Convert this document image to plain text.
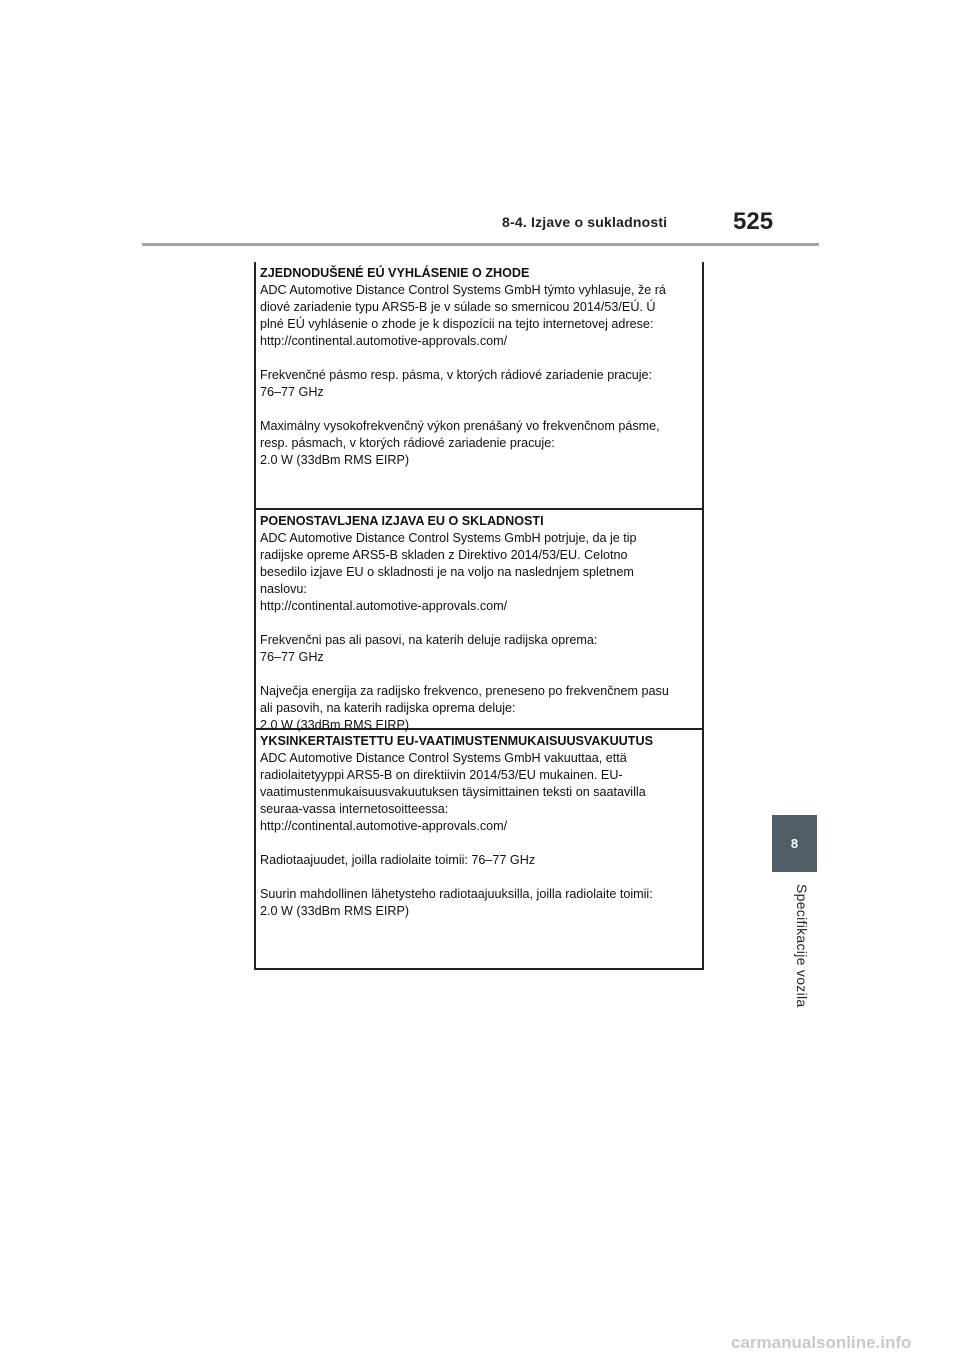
8-4. Izjave o sukladnosti	525

ZJEDNODUŠENÉ EÚ VYHLÁSENIE O ZHODE

ADC Automotive Distance Control Systems GmbH týmto vyhlasuje, že rá

diové zariadenie typu ARS5-B je v súlade so smernicou 2014/53/EÚ. Ú

plné EÚ vyhlásenie o zhode je k dispozícii na tejto internetovej adrese:

http://continental.automotive-approvals.com/

Frekvenčné pásmo resp. pásma, v ktorých rádiové zariadenie pracuje:

76–77 GHz

Maximálny vysokofrekvenčný výkon prenášaný vo frekvenčnom pásme,

resp. pásmach, v ktorých rádiové zariadenie pracuje:

2.0 W (33dBm RMS EIRP)

POENOSTAVLJENA IZJAVA EU O SKLADNOSTI

ADC Automotive Distance Control Systems GmbH potrjuje, da je tip

radijske opreme ARS5-B skladen z Direktivo 2014/53/EU. Celotno

besedilo izjave EU o skladnosti je na voljo na naslednjem spletnem

naslovu:

http://continental.automotive-approvals.com/

Frekvenčni pas ali pasovi, na katerih deluje radijska oprema:

76–77 GHz

Največja energija za radijsko frekvenco, preneseno po frekvenčnem pasu

ali pasovih, na katerih radijska oprema deluje:

2.0 W (33dBm RMS EIRP)

YKSINKERTAISTETTU EU-VAATIMUSTENMUKAISUUSVAKUUTUS

ADC Automotive Distance Control Systems GmbH vakuuttaa, että

radiolaitetyyppi ARS5-B on direktiivin 2014/53/EU mukainen. EU-

vaatimustenmukaisuusvakuutuksen täysimittainen teksti on saatavilla

seuraa-vassa internetosoitteessa:

http://continental.automotive-approvals.com/

Radiotaajuudet, joilla radiolaite toimii: 76–77 GHz

Suurin mahdollinen lähetysteho radiotaajuuksilla, joilla radiolaite toimii:

2.0 W (33dBm RMS EIRP)

8
Specifikacije vozila
carmanualsonline.info
